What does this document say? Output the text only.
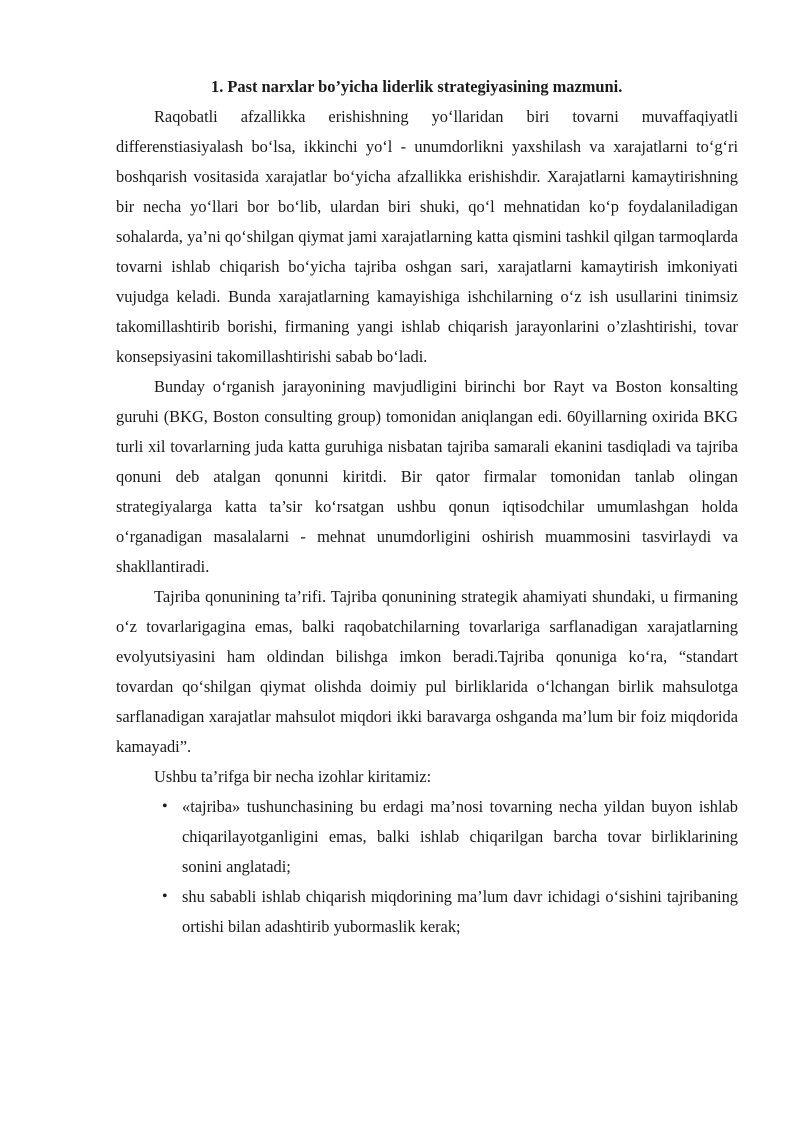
1. Past narxlar bo’yicha liderlik strategiyasining mazmuni.

Raqobatli afzallikka erishishning yo‘llaridan biri tovarni muvaffaqiyatli differenstiasiyalash bo‘lsa, ikkinchi yo‘l - unumdorlikni yaxshilash va xarajatlarni to‘g‘ri boshqarish vositasida xarajatlar bo‘yicha afzallikka erishishdir. Xarajatlarni kamaytirishning bir necha yo‘llari bor bo‘lib, ulardan biri shuki, qo‘l mehnatidan ko‘p foydalaniladigan sohalarda, ya’ni qo‘shilgan qiymat jami xarajatlarning katta qismini tashkil qilgan tarmoqlarda tovarni ishlab chiqarish bo‘yicha tajriba oshgan sari, xarajatlarni kamaytirish imkoniyati vujudga keladi. Bunda xarajatlarning kamayishiga ishchilarning o‘z ish usullarini tinimsiz takomillashtirib borishi, firmaning yangi ishlab chiqarish jarayonlarini o’zlashtirishi, tovar konsepsiyasini takomillashtirishi sabab bo‘ladi.

Bunday o‘rganish jarayonining mavjudligini birinchi bor Rayt va Boston konsalting guruhi (BKG, Boston consulting group) tomonidan aniqlangan edi. 60yillarning oxirida BKG turli xil tovarlarning juda katta guruhiga nisbatan tajriba samarali ekanini tasdiqladi va tajriba qonuni deb atalgan qonunni kiritdi. Bir qator firmalar tomonidan tanlab olingan strategiyalarga katta ta’sir ko‘rsatgan ushbu qonun iqtisodchilar umumlashgan holda o‘rganadigan masalalarni - mehnat unumdorligini oshirish muammosini tasvirlaydi va shakllantiradi.

Tajriba qonunining ta’rifi. Tajriba qonunining strategik ahamiyati shundaki, u firmaning o‘z tovarlarigagina emas, balki raqobatchilarning tovarlariga sarflanadigan xarajatlarning evolyutsiyasini ham oldindan bilishga imkon beradi.Tajriba qonuniga ko‘ra, “standart tovardan qo‘shilgan qiymat olishda doimiy pul birliklarida o‘lchangan birlik mahsulotga sarflanadigan xarajatlar mahsulot miqdori ikki baravarga oshganda ma’lum bir foiz miqdorida kamayadi”.

Ushbu ta’rifga bir necha izohlar kiritamiz:

• «tajriba» tushunchasining bu erdagi ma’nosi tovarning necha yildan buyon ishlab chiqarilayotganligini emas, balki ishlab chiqarilgan barcha tovar birliklarining sonini anglatadi;
• shu sababli ishlab chiqarish miqdorining ma’lum davr ichidagi o‘sishini tajribaning ortishi bilan adashtirib yubormaslik kerak;
